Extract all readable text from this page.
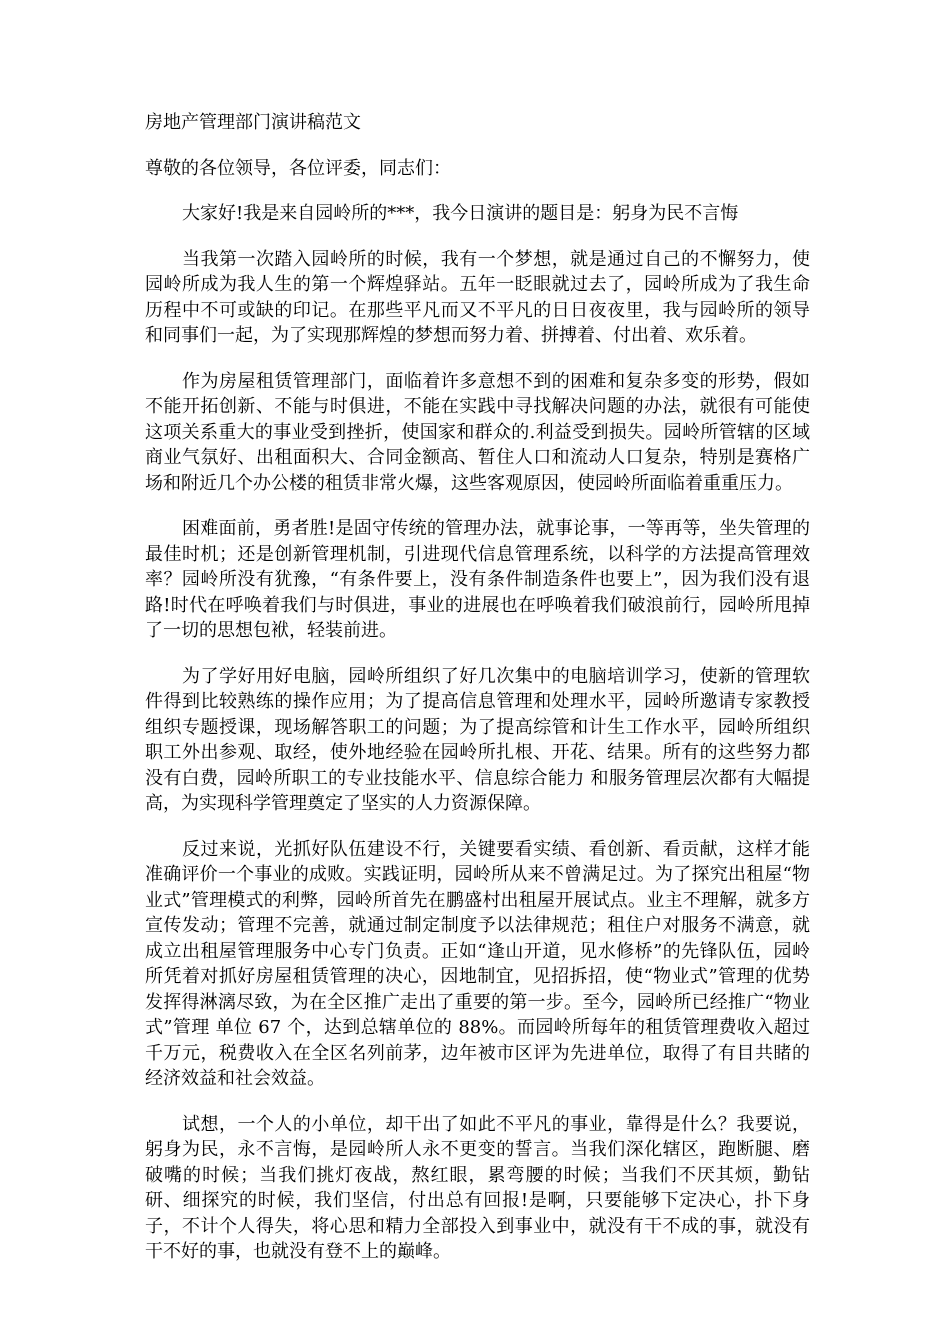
房地产管理部门演讲稿范文
尊敬的各位领导，各位评委，同志们：

大家好!我是来自园岭所的***，我今日演讲的题目是：躬身为民不言悔

当我第一次踏入园岭所的时候，我有一个梦想，就是通过自己的不懈努力，使园岭所成为我人生的第一个辉煌驿站。五年一眨眼就过去了，园岭所成为了我生命历程中不可或缺的印记。在那些平凡而又不平凡的日日夜夜里，我与园岭所的领导和同事们一起，为了实现那辉煌的梦想而努力着、拼搏着、付出着、欢乐着。

作为房屋租赁管理部门，面临着许多意想不到的困难和复杂多变的形势，假如不能开拓创新、不能与时俱进，不能在实践中寻找解决问题的办法，就很有可能使这项关系重大的事业受到挫折，使国家和群众的.利益受到损失。园岭所管辖的区域商业气氛好、出租面积大、合同金额高、暂住人口和流动人口复杂，特别是赛格广场和附近几个办公楼的租赁非常火爆，这些客观原因，使园岭所面临着重重压力。

困难面前，勇者胜!是固守传统的管理办法，就事论事，一等再等，坐失管理的最佳时机；还是创新管理机制，引进现代信息管理系统，以科学的方法提高管理效率？园岭所没有犹豫，“有条件要上，没有条件制造条件也要上”，因为我们没有退路!时代在呼唤着我们与时俱进，事业的进展也在呼唤着我们破浪前行，园岭所甩掉了一切的思想包袱，轻装前进。

为了学好用好电脑，园岭所组织了好几次集中的电脑培训学习，使新的管理软件得到比较熟练的操作应用；为了提高信息管理和处理水平，园岭所邀请专家教授组织专题授课，现场解答职工的问题；为了提高综管和计生工作水平，园岭所组织职工外出参观、取经，使外地经验在园岭所扎根、开花、结果。所有的这些努力都没有白费，园岭所职工的专业技能水平、信息综合能力 和服务管理层次都有大幅提高，为实现科学管理奠定了坚实的人力资源保障。

反过来说，光抓好队伍建设不行，关键要看实绩、看创新、看贡献，这样才能准确评价一个事业的成败。实践证明，园岭所从来不曾满足过。为了探究出租屋“物业式”管理模式的利弊，园岭所首先在鹏盛村出租屋开展试点。业主不理解，就多方宣传发动；管理不完善，就通过制定制度予以法律规范；租住户对服务不满意，就成立出租屋管理服务中心专门负责。正如“逢山开道，见水修桥”的先锋队伍，园岭所凭着对抓好房屋租赁管理的决心，因地制宜，见招拆招，使“物业式”管理的优势发挥得淋漓尽致，为在全区推广走出了重要的第一步。至今，园岭所已经推广“物业式”管理 单位 67 个，达到总辖单位的 88%。而园岭所每年的租赁管理费收入超过千万元，税费收入在全区名列前茅，边年被市区评为先进单位，取得了有目共睹的经济效益和社会效益。

试想，一个人的小单位，却干出了如此不平凡的事业，靠得是什么？我要说，躬身为民，永不言悔，是园岭所人永不更变的誓言。当我们深化辖区，跑断腿、磨破嘴的时候；当我们挑灯夜战，熬红眼，累弯腰的时候；当我们不厌其烦，勤钻研、细探究的时候，我们坚信，付出总有回报!是啊，只要能够下定决心，扑下身子，不计个人得失，将心思和精力全部投入到事业中，就没有干不成的事，就没有干不好的事，也就没有登不上的巅峰。
